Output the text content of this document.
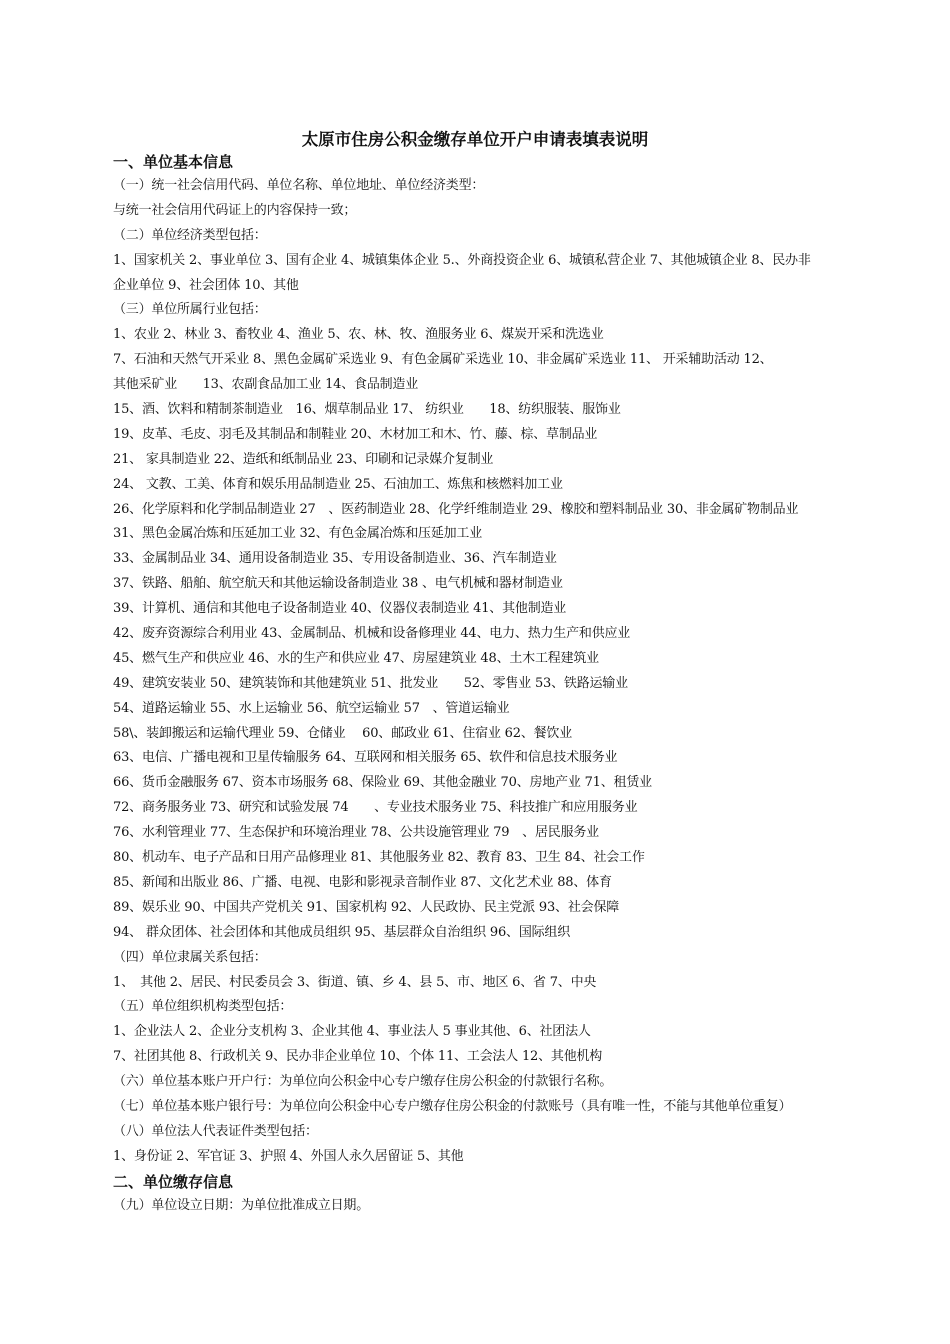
太原市住房公积金缴存单位开户申请表填表说明
一、单位基本信息
（一）统一社会信用代码、单位名称、单位地址、单位经济类型：
与统一社会信用代码证上的内容保持一致；
（二）单位经济类型包括：
1、国家机关 2、事业单位 3、国有企业 4、城镇集体企业 5.、外商投资企业 6、城镇私营企业 7、其他城镇企业 8、民办非
企业单位 9、社会团体 10、其他
（三）单位所属行业包括：
1、农业 2、林业 3、畜牧业 4、渔业 5、农、林、牧、渔服务业 6、煤炭开采和洗选业
7、石油和天然气开采业 8、黑色金属矿采选业 9、有色金属矿采选业 10、非金属矿采选业 11、 开采辅助活动 12、
其他采矿业　　13、农副食品加工业 14、食品制造业
15、酒、饮料和精制茶制造业　16、烟草制品业 17、 纺织业　　18、纺织服装、服饰业
19、皮革、毛皮、羽毛及其制品和制鞋业 20、木材加工和木、竹、藤、棕、草制品业
21、 家具制造业 22、造纸和纸制品业 23、印刷和记录媒介复制业
24、 文教、工美、体育和娱乐用品制造业 25、石油加工、炼焦和核燃料加工业
26、化学原料和化学制品制造业 27　、医药制造业 28、化学纤维制造业 29、橡胶和塑料制品业 30、非金属矿物制品业
31、黑色金属冶炼和压延加工业 32、有色金属冶炼和压延加工业
33、金属制品业 34、通用设备制造业 35、专用设备制造业、36、汽车制造业
37、铁路、船舶、航空航天和其他运输设备制造业 38 、电气机械和器材制造业
39、计算机、通信和其他电子设备制造业 40、仪器仪表制造业 41、其他制造业
42、废弃资源综合利用业 43、金属制品、机械和设备修理业 44、电力、热力生产和供应业
45、燃气生产和供应业 46、水的生产和供应业 47、房屋建筑业 48、土木工程建筑业
49、建筑安装业 50、建筑装饰和其他建筑业 51、批发业　　52、零售业 53、铁路运输业
54、道路运输业 55、水上运输业 56、航空运输业 57　、管道运输业
58\、装卸搬运和运输代理业 59、仓储业　 60、邮政业 61、住宿业 62、餐饮业
63、电信、广播电视和卫星传输服务 64、互联网和相关服务 65、软件和信息技术服务业
66、货币金融服务 67、资本市场服务 68、保险业 69、其他金融业 70、房地产业 71、租赁业
72、商务服务业 73、研究和试验发展 74　　、专业技术服务业 75、科技推广和应用服务业
76、水利管理业 77、生态保护和环境治理业 78、公共设施管理业 79　、居民服务业
80、机动车、电子产品和日用产品修理业 81、其他服务业 82、教育 83、卫生 84、社会工作
85、新闻和出版业 86、广播、电视、电影和影视录音制作业 87、文化艺术业 88、体育
89、娱乐业 90、中国共产党机关 91、国家机构 92、人民政协、民主党派 93、社会保障
94、 群众团体、社会团体和其他成员组织 95、基层群众自治组织 96、国际组织
（四）单位隶属关系包括：
1、　其他 2、居民、村民委员会 3、街道、镇、乡 4、县 5、市、地区 6、省 7、中央
（五）单位组织机构类型包括：
1、企业法人 2、企业分支机构 3、企业其他 4、事业法人 5 事业其他、6、社团法人
7、社团其他 8、行政机关 9、民办非企业单位 10、个体 11、工会法人 12、其他机构
（六）单位基本账户开户行：为单位向公积金中心专户缴存住房公积金的付款银行名称。
（七）单位基本账户银行号：为单位向公积金中心专户缴存住房公积金的付款账号（具有唯一性，不能与其他单位重复）
（八）单位法人代表证件类型包括：
1、身份证 2、军官证 3、护照 4、外国人永久居留证 5、其他
二、单位缴存信息
（九）单位设立日期：为单位批准成立日期。
